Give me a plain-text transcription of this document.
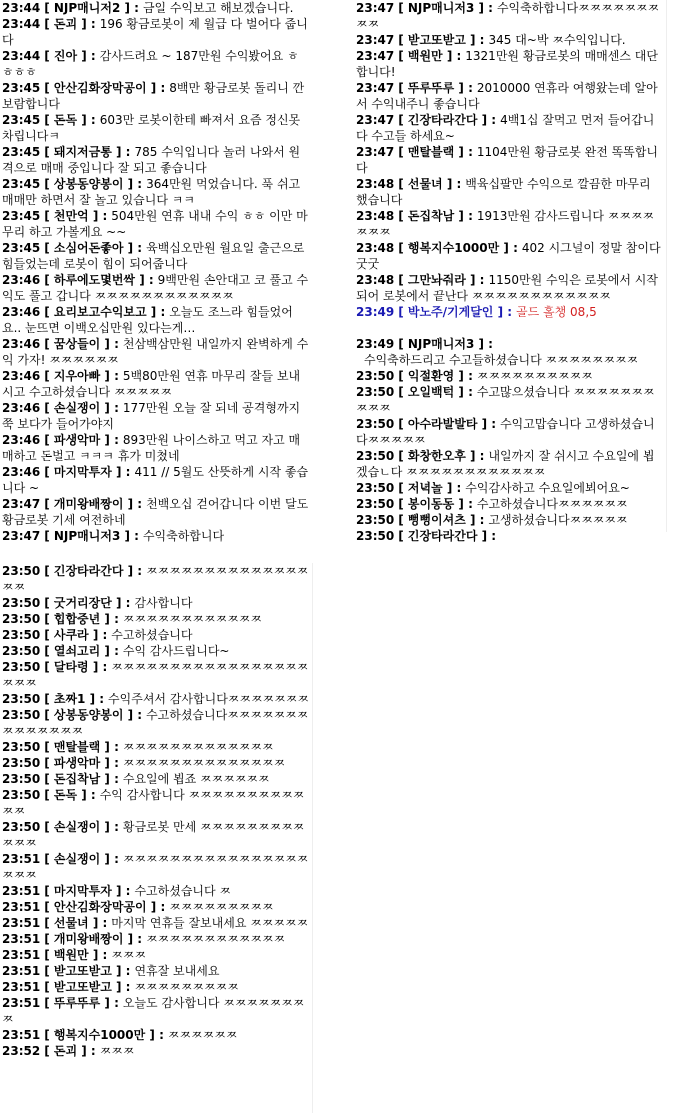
23:44 [ NJP매니저2 ] : 금일 수익보고 해보겠습니다.
23:44 [ 돈괴 ] : 196 황금로봇이 제 월급 다 벌어다 줍니다
23:44 [ 진아 ] : 감사드려요 ~ 187만원 수익봤어요 ㅎㅎㅎㅎ
23:45 [ 안산김화장막공이 ] : 8백만 황금로봇 돌리니 깐 보람합니다
23:45 [ 돈독 ] : 603만 로봇이한테 빠져서 요즘 정신못 차립니다ㅋ
23:45 [ 돼지저금통 ] : 785 수익입니다 놀러 나와서 원격으로 매매 중입니다 잘 되고 좋습니다
23:45 [ 상봉동양봉이 ] : 364만원 먹었습니다. 푹 쉬고 매매만 하면서 잘 놀고 있습니다 ㅋㅋ
23:45 [ 천만억 ] : 504만원 연휴 내내 수익 ㅎㅎ 이만 마무리 하고 가볼게요 ~~
23:45 [ 소심어돈좋아 ] : 육백십오만원 월요일 출근으로 힘들었는데 로봇이 힘이 되어줍니다
23:46 [ 하루에도몇번싹 ] : 9백만원 손안대고 코 풀고 수익도 풀고 갑니다 ㅉㅉㅉㅉㅉㅉㅉㅉㅉㅉㅉㅉ
23:46 [ 요리보고수익보고 ] : 오늘도 조느라 힘들었어요.. 눈뜨면 이백오십만원 있다는게…
23:46 [ 꿈상들이 ] : 천삼백삼만원 내일까지 완벽하게 수익 가자! ㅉㅉㅉㅉㅉㅉ
23:46 [ 지우아빠 ] : 5백80만원 연휴 마무리 잘들 보내시고 수고하셨습니다 ㅉㅉㅉㅉㅉ
23:46 [ 손실쟁이 ] : 177만원 오늘 잘 되네 공격형까지 쭉 보다가 들어가야지
23:46 [ 파생악마 ] : 893만원 나이스하고 먹고 자고 매매하고 돈벌고 ㅋㅋㅋ 휴가 미쳤네
23:46 [ 마지막투자 ] : 411 // 5월도 산뜻하게 시작 좋습니다 ~
23:47 [ 개미왕배짱이 ] : 천백오십 걷어갑니다 이번 달도 황금로봇 기세 여전하네
23:47 [ NJP매니저3 ] : 수익축하합니다
23:47 [ NJP매니저3 ] : 수익축하합니다ㅉㅉㅉㅉㅉㅉㅉㅉㅉ
23:47 [ 받고또받고 ] : 345 대~박 ㅉ수익입니다.
23:47 [ 백원만 ] : 1321만원 황금로봇의 매매센스 대단합니다!
23:47 [ 뚜루뚜루 ] : 2010000 연휴라 여행왔는데 알아서 수익내주니 좋습니다
23:47 [ 긴장타라간다 ] : 4백1십 잘먹고 먼저 들어갑니다 수고들 하세요~
23:47 [ 맨탈블랙 ] : 1104만원 황금로봇 완전 똑똑합니다
23:48 [ 선물녀 ] : 백육십팔만 수익으로 깔끔한 마무리 했습니다
23:48 [ 돈집착남 ] : 1913만원 감사드립니다 ㅉㅉㅉㅉㅉㅉㅉ
23:48 [ 행복지수1000만 ] : 402 시그널이 정말 참이다 굿굿
23:48 [ 그만놔줘라 ] : 1150만원 수익은 로봇에서 시작되어 로봇에서 끝난다 ㅉㅉㅉㅉㅉㅉㅉㅉㅉㅉㅉㅉ
23:49 [ 박노주/기게달인 ] : 골드 홀챙 08,5
23:49 [ NJP매니저3 ] :
수익축하드리고 수고들하셨습니다 ㅉㅉㅉㅉㅉㅉㅉㅉ
23:50 [ 익절환영 ] : ㅉㅉㅉㅉㅉㅉㅉㅉㅉㅉ
23:50 [ 오일백턱 ] : 수고많으셨습니다 ㅉㅉㅉㅉㅉㅉㅉㅉㅉㅉ
23:50 [ 아수라발발타 ] : 수익고맙습니다 고생하셨습니다ㅉㅉㅉㅉㅉ
23:50 [ 화창한오후 ] : 내일까지 잘 쉬시고 수요일에 뵙겠습ㄴ다 ㅉㅉㅉㅉㅉㅉㅉㅉㅉㅉㅉㅉ
23:50 [ 저녁놀 ] : 수익감사하고 수요일에뵈어요~
23:50 [ 봉이동동 ] : 수고하셨습니다ㅉㅉㅉㅉㅉㅉ
23:50 [ 뻥뻥이셔츠 ] : 고생하셨습니다ㅉㅉㅉㅉㅉ
23:50 [ 긴장타라간다 ] :
23:50 [ 긴장타라간다 ] : ㅉㅉㅉㅉㅉㅉㅉㅉㅉㅉㅉㅉㅉㅉㅉㅉ
23:50 [ 굿거리장단 ] : 감사합니다
23:50 [ 힙합중년 ] : ㅉㅉㅉㅉㅉㅉㅉㅉㅉㅉㅉㅉ
23:50 [ 사쿠라 ] : 수고하셨습니다
23:50 [ 열쇠고리 ] : 수익 감사드립니다~
23:50 [ 달타령 ] : ㅉㅉㅉㅉㅉㅉㅉㅉㅉㅉㅉㅉㅉㅉㅉㅉㅉㅉㅉㅉ
23:50 [ 초짜1 ] : 수익주셔서 감사합니다ㅉㅉㅉㅉㅉㅉㅉ
23:50 [ 상봉동양봉이 ] : 수고하셨습니다ㅉㅉㅉㅉㅉㅉㅉㅉㅉㅉㅉㅉㅉㅉ
23:50 [ 맨탈블랙 ] : ㅉㅉㅉㅉㅉㅉㅉㅉㅉㅉㅉㅉㅉ
23:50 [ 파생악마 ] : ㅉㅉㅉㅉㅉㅉㅉㅉㅉㅉㅉㅉㅉㅉ
23:50 [ 돈집착남 ] : 수요일에 뵙죠 ㅉㅉㅉㅉㅉㅉ
23:50 [ 돈독 ] : 수익 감사합니다 ㅉㅉㅉㅉㅉㅉㅉㅉㅉㅉㅉㅉ
23:50 [ 손실쟁이 ] : 황금로봇 만세 ㅉㅉㅉㅉㅉㅉㅉㅉㅉㅉㅉㅉ
23:51 [ 손실쟁이 ] : ㅉㅉㅉㅉㅉㅉㅉㅉㅉㅉㅉㅉㅉㅉㅉㅉㅉㅉㅉ
23:51 [ 마지막투자 ] : 수고하셨습니다 ㅉ
23:51 [ 안산김화장막공이 ] : ㅉㅉㅉㅉㅉㅉㅉㅉㅉ
23:51 [ 선물녀 ] : 마지막 연휴들 잘보내세요 ㅉㅉㅉㅉㅉ
23:51 [ 개미왕배짱이 ] : ㅉㅉㅉㅉㅉㅉㅉㅉㅉㅉㅉㅉ
23:51 [ 백원만 ] : ㅉㅉㅉ
23:51 [ 받고또받고 ] : 연휴잘 보내세요
23:51 [ 받고또받고 ] : ㅉㅉㅉㅉㅉㅉㅉㅉㅉ
23:51 [ 뚜루뚜루 ] : 오늘도 감사합니다 ㅉㅉㅉㅉㅉㅉㅉㅉ
23:51 [ 행복지수1000만 ] : ㅉㅉㅉㅉㅉㅉ
23:52 [ 돈괴 ] : ㅉㅉㅉ
